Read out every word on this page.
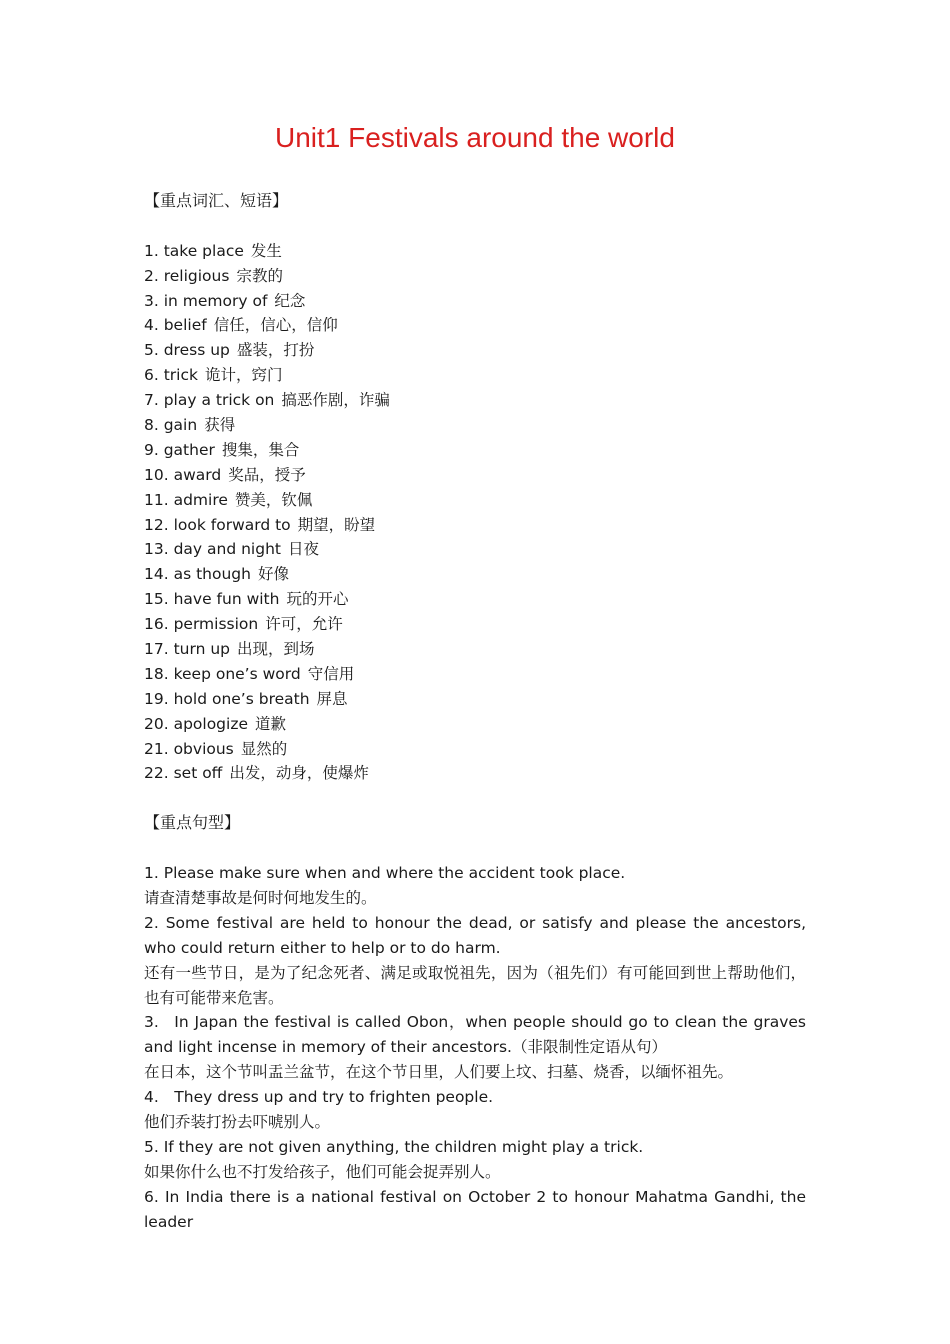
Unit1 Festivals around the world
【重点词汇、短语】
1. take place 发生
2. religious 宗教的
3. in memory of 纪念
4. belief 信任，信心，信仰
5. dress up 盛装，打扮
6. trick 诡计，窍门
7. play a trick on 搞恶作剧，诈骗
8. gain 获得
9. gather 搜集，集合
10. award 奖品，授予
11. admire 赞美，钦佩
12. look forward to 期望，盼望
13. day and night 日夜
14. as though 好像
15. have fun with 玩的开心
16. permission 许可，允许
17. turn up 出现，到场
18. keep one’s word 守信用
19. hold one’s breath 屏息
20. apologize 道歉
21. obvious 显然的
22. set off 出发，动身，使爆炸
【重点句型】
1. Please make sure when and where the accident took place.
请查清楚事故是何时何地发生的。
2. Some festival are held to honour the dead, or satisfy and please the ancestors, who could return either to help or to do harm.
还有一些节日，是为了纪念死者、满足或取悦祖先，因为（祖先们）有可能回到世上帮助他们，也有可能带来危害。
3. In Japan the festival is called Obon，when people should go to clean the graves and light incense in memory of their ancestors.（非限制性定语从句）
在日本，这个节叫盂兰盆节，在这个节日里，人们要上坟、扫墓、烧香，以缅怀祖先。
4. They dress up and try to frighten people.
他们乔装打扮去吓唬别人。
5. If they are not given anything, the children might play a trick.
如果你什么也不打发给孩子，他们可能会捉弄别人。
6. In India there is a national festival on October 2 to honour Mahatma Gandhi, the leader
